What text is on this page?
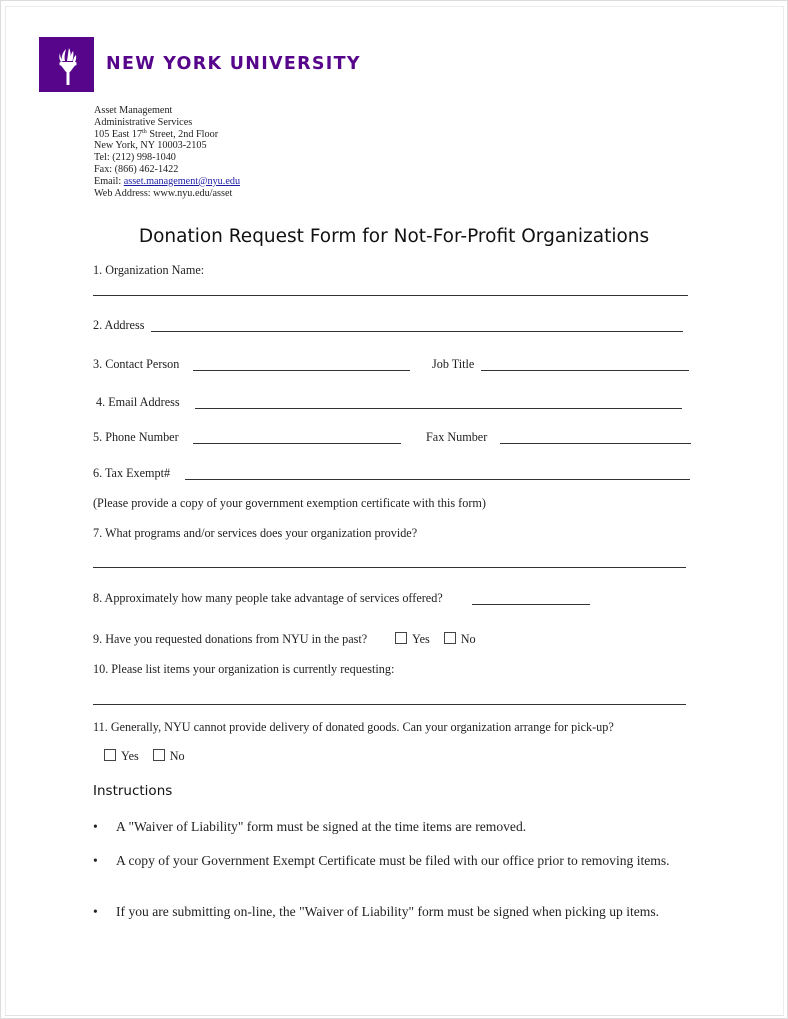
NEW YORK UNIVERSITY
Asset Management
Administrative Services
105 East 17th Street, 2nd Floor
New York, NY 10003-2105
Tel: (212) 998-1040
Fax: (866) 462-1422
Email: asset.management@nyu.edu
Web Address: www.nyu.edu/asset
Donation Request Form for Not-For-Profit Organizations
1. Organization Name:
2. Address
3. Contact Person	Job Title
4. Email Address
5. Phone Number	Fax Number
6. Tax Exempt#
(Please provide a copy of your government exemption certificate with this form)
7. What programs and/or services does your organization provide?
8. Approximately how many people take advantage of services offered?
9. Have you requested donations from NYU in the past?	Yes	No
10. Please list items your organization is currently requesting:
11. Generally, NYU cannot provide delivery of donated goods. Can your organization arrange for pick-up?
Yes	No
Instructions
•	A "Waiver of Liability" form must be signed at the time items are removed.
•	A copy of your Government Exempt Certificate must be filed with our office prior to removing items.
•	If you are submitting on-line, the "Waiver of Liability" form must be signed when picking up items.
